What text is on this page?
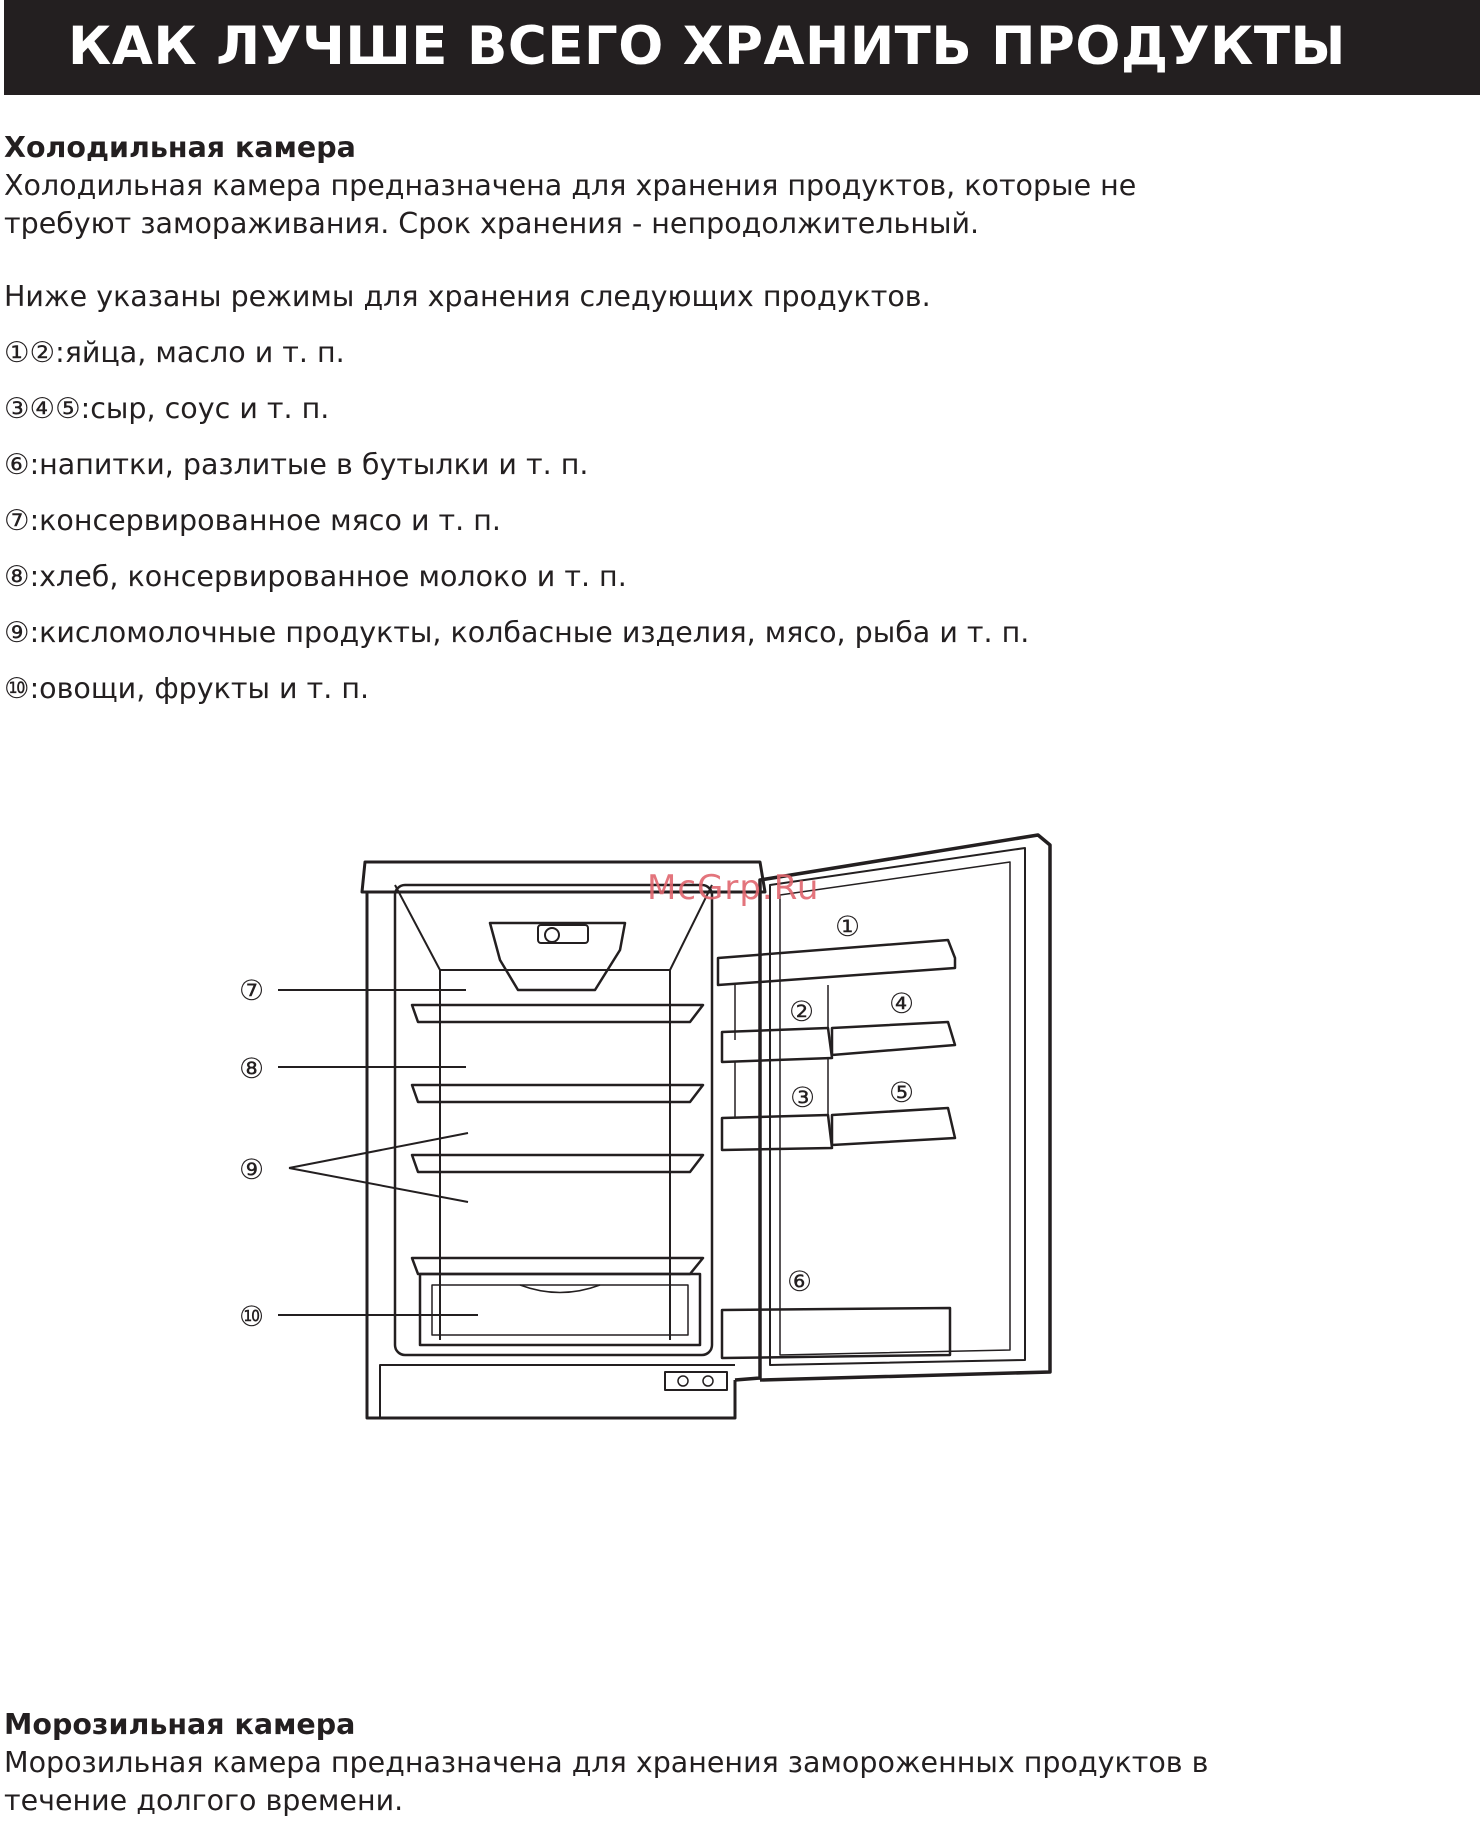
КАК ЛУЧШЕ ВСЕГО ХРАНИТЬ ПРОДУКТЫ
Холодильная камера
Холодильная камера предназначена для хранения продуктов, которые не
требуют замораживания. Срок хранения - непродолжительный.
Ниже указаны режимы для хранения следующих продуктов.
①②:яйца, масло и т. п.
③④⑤:сыр, соус и т. п.
⑥:напитки, разлитые в бутылки и т. п.
⑦:консервированное мясо и т. п.
⑧:хлеб, консервированное молоко и т. п.
⑨:кисломолочные продукты, колбасные изделия, мясо, рыба и т. п.
⑩:овощи, фрукты и т. п.
①
②
③
④
⑤
⑥
⑦
⑧
⑨
⑩
McGrp.Ru
Морозильная камера
Морозильная камера предназначена для хранения замороженных продуктов в
течение долгого времени.
